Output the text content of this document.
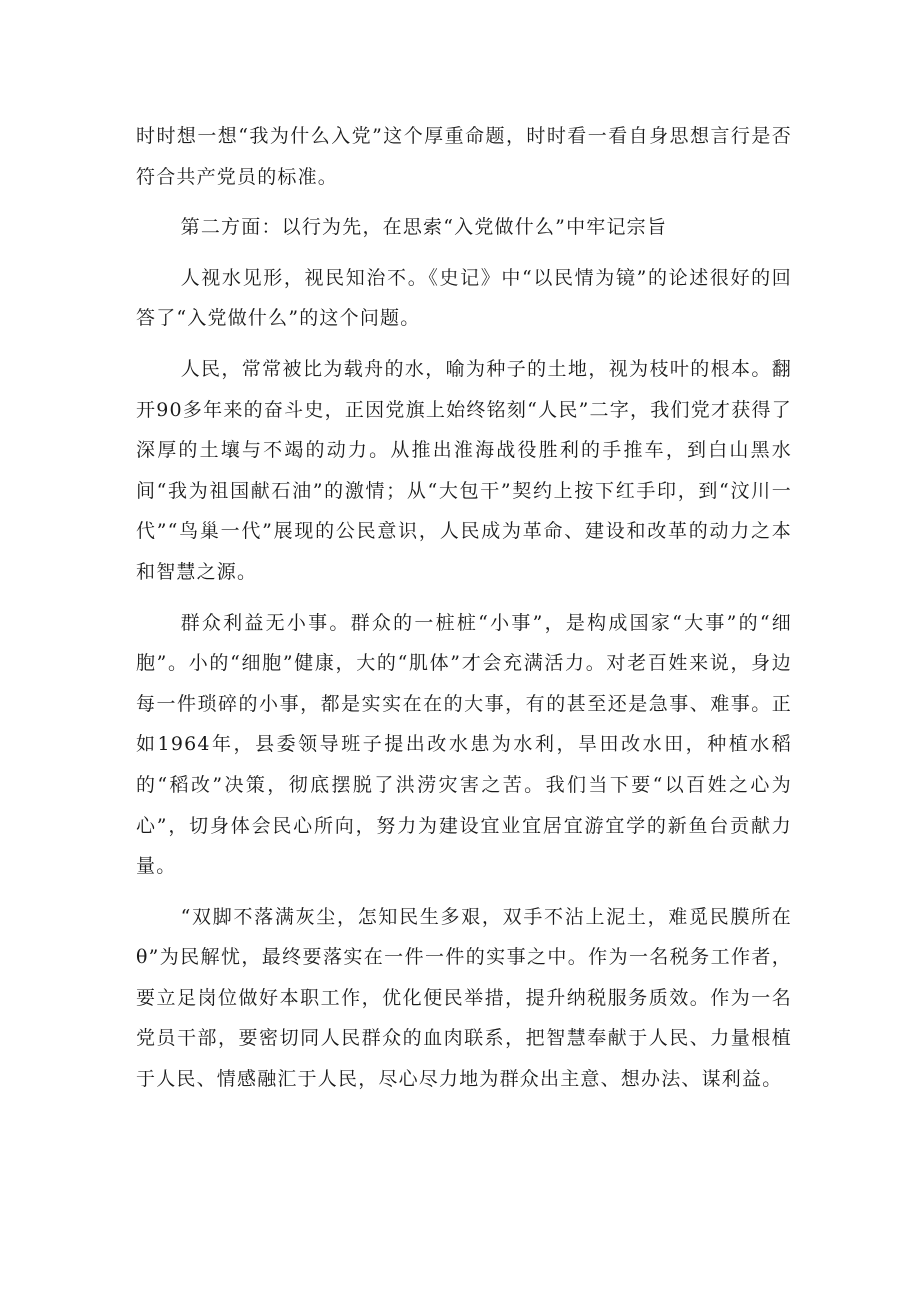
时时想一想“我为什么入党”这个厚重命题，时时看一看自身思想言行是否符合共产党员的标准。

第二方面：以行为先，在思索“入党做什么”中牢记宗旨

人视水见形，视民知治不。《史记》中“以民情为镜”的论述很好的回答了“入党做什么”的这个问题。

人民，常常被比为载舟的水，喻为种子的土地，视为枝叶的根本。翻开90多年来的奋斗史，正因党旗上始终铭刻“人民”二字，我们党才获得了深厚的土壤与不竭的动力。从推出淮海战役胜利的手推车，到白山黑水间“我为祖国献石油”的激情；从“大包干”契约上按下红手印，到“汶川一代”“鸟巢一代”展现的公民意识，人民成为革命、建设和改革的动力之本和智慧之源。

群众利益无小事。群众的一桩桩“小事”，是构成国家“大事”的“细胞”。小的“细胞”健康，大的“肌体”才会充满活力。对老百姓来说，身边每一件琐碎的小事，都是实实在在的大事，有的甚至还是急事、难事。正如1964年，县委领导班子提出改水患为水利，旱田改水田，种植水稻的“稻改”决策，彻底摆脱了洪涝灾害之苦。我们当下要“以百姓之心为心”，切身体会民心所向，努力为建设宜业宜居宜游宜学的新鱼台贡献力量。

“双脚不落满灰尘，怎知民生多艰，双手不沾上泥土，难觅民膜所在θ”为民解忧，最终要落实在一件一件的实事之中。作为一名税务工作者，要立足岗位做好本职工作，优化便民举措，提升纳税服务质效。作为一名党员干部，要密切同人民群众的血肉联系，把智慧奉献于人民、力量根植于人民、情感融汇于人民，尽心尽力地为群众出主意、想办法、谋利益。
